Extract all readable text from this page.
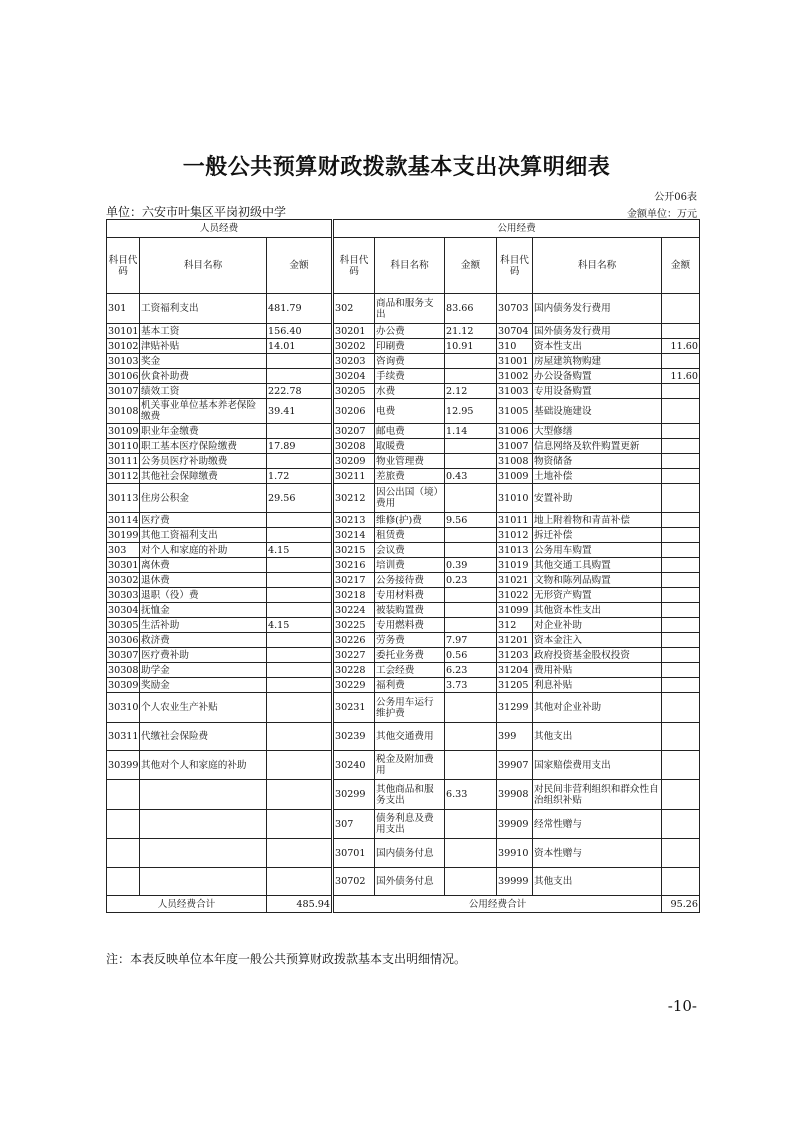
一般公共预算财政拨款基本支出决算明细表
公开06表
单位：六安市叶集区平岗初级中学	金额单位：万元
人员经费			公用经费					
科目代码	科目名称	金额	科目代码	科目名称	金额	科目代码	科目名称	金额
301	工资福利支出	481.79	302	商品和服务支出	83.66	30703	国内债务发行费用	
30101	基本工资	156.40	30201	办公费	21.12	30704	国外债务发行费用	
30102	津贴补贴	14.01	30202	印刷费	10.91	310	资本性支出	11.60
30103	奖金		30203	咨询费		31001	房屋建筑物购建	
30106	伙食补助费		30204	手续费		31002	办公设备购置	11.60
30107	绩效工资	222.78	30205	水费	2.12	31003	专用设备购置	
30108	机关事业单位基本养老保险缴费	39.41	30206	电费	12.95	31005	基础设施建设	
30109	职业年金缴费		30207	邮电费	1.14	31006	大型修缮	
30110	职工基本医疗保险缴费	17.89	30208	取暖费		31007	信息网络及软件购置更新	
30111	公务员医疗补助缴费		30209	物业管理费		31008	物资储备	
30112	其他社会保障缴费	1.72	30211	差旅费	0.43	31009	土地补偿	
30113	住房公积金	29.56	30212	因公出国（境）费用		31010	安置补助	
30114	医疗费		30213	维修(护)费	9.56	31011	地上附着物和青苗补偿	
30199	其他工资福利支出		30214	租赁费		31012	拆迁补偿	
303	对个人和家庭的补助	4.15	30215	会议费		31013	公务用车购置	
30301	离休费		30216	培训费	0.39	31019	其他交通工具购置	
30302	退休费		30217	公务接待费	0.23	31021	文物和陈列品购置	
30303	退职（役）费		30218	专用材料费		31022	无形资产购置	
30304	抚恤金		30224	被装购置费		31099	其他资本性支出	
30305	生活补助	4.15	30225	专用燃料费		312	对企业补助	
30306	救济费		30226	劳务费	7.97	31201	资本金注入	
30307	医疗费补助		30227	委托业务费	0.56	31203	政府投资基金股权投资	
30308	助学金		30228	工会经费	6.23	31204	费用补贴	
30309	奖励金		30229	福利费	3.73	31205	利息补贴	
30310	个人农业生产补贴		30231	公务用车运行维护费		31299	其他对企业补助	
30311	代缴社会保险费		30239	其他交通费用		399	其他支出	
30399	其他对个人和家庭的补助		30240	税金及附加费用		39907	国家赔偿费用支出	
			30299	其他商品和服务支出	6.33	39908	对民间非营利组织和群众性自治组织补贴	
			307	债务利息及费用支出		39909	经常性赠与	
			30701	国内债务付息		39910	资本性赠与	
			30702	国外债务付息		39999	其他支出	
人员经费合计		485.94	公用经费合计					95.26
注：本表反映单位本年度一般公共预算财政拨款基本支出明细情况。
-10-
